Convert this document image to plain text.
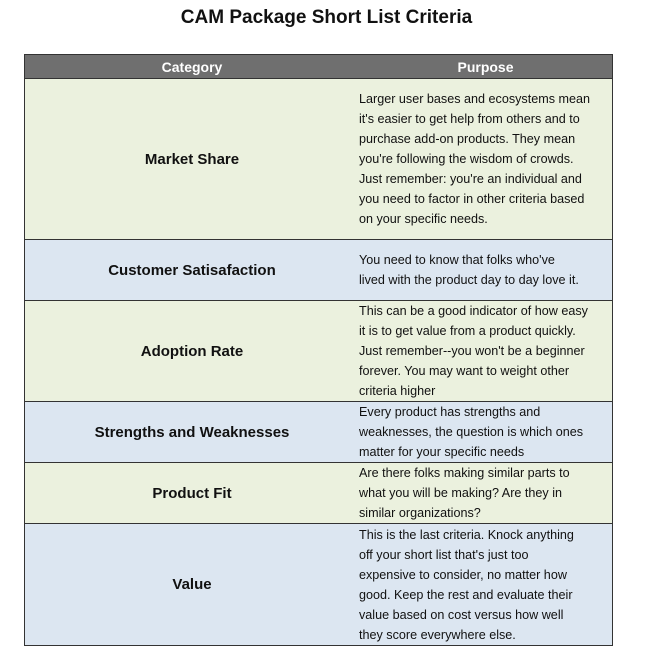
CAM Package Short List Criteria
Category	Purpose
Market Share
Larger user bases and ecosystems mean
it's easier to get help from others and to
purchase add-on products. They mean
you're following the wisdom of crowds.
Just remember: you're an individual and
you need to factor in other criteria based
on your specific needs.
Customer Satisafaction
You need to know that folks who've
lived with the product day to day love it.
Adoption Rate
This can be a good indicator of how easy
it is to get value from a product quickly.
Just remember--you won't be a beginner
forever. You may want to weight other
criteria higher
Strengths and Weaknesses
Every product has strengths and
weaknesses, the question is which ones
matter for your specific needs
Product Fit
Are there folks making similar parts to
what you will be making? Are they in
similar organizations?
Value
This is the last criteria. Knock anything
off your short list that's just too
expensive to consider, no matter how
good. Keep the rest and evaluate their
value based on cost versus how well
they score everywhere else.
